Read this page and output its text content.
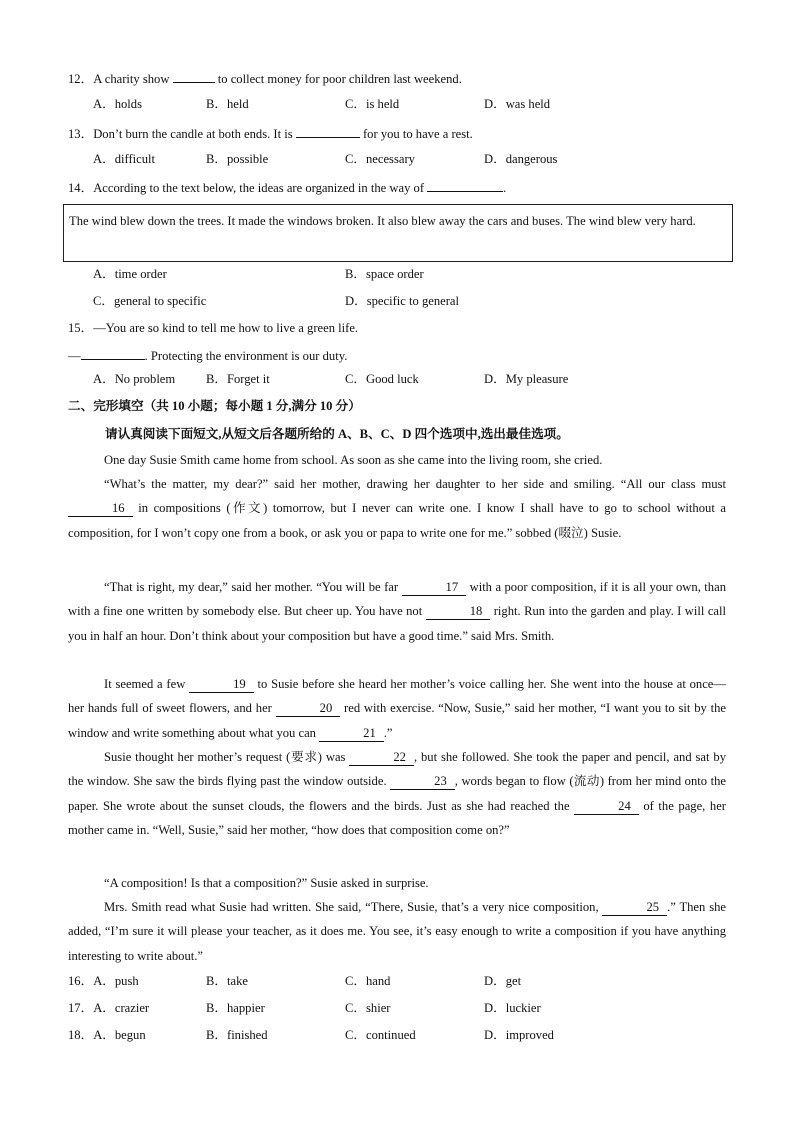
12．A charity show	to collect money for poor children last weekend.
A．holds	B．held	C．is held	D．was held
13．Don’t burn the candle at both ends. It is	for you to have a rest.
A．difficult	B．possible	C．necessary	D．dangerous
14．According to the text below, the ideas are organized in the way of	.
The wind blew down the trees. It made the windows broken. It also blew away the cars and buses. The wind blew very hard.
A．time order	B．space order
C．general to specific	D．specific to general
15．—You are so kind to tell me how to live a green life.
—	. Protecting the environment is our duty.
A．No problem B．Forget it	C．Good luck	D．My pleasure
二、完形填空（共 10 小题；每小题 1 分,满分 10 分）
请认真阅读下面短文,从短文后各题所给的 A、B、C、D 四个选项中,选出最佳选项。
One day Susie Smith came home from school. As soon as she came into the living room, she cried.
“What’s the matter, my dear?” said her mother, drawing her daughter to her side and smiling. “All our class must 16 in compositions (作文) tomorrow, but I never can write one. I know I shall have to go to school without a composition, for I won’t copy one from a book, or ask you or papa to write one for me.” sobbed (啜泣) Susie.
“That is right, my dear,” said her mother. “You will be far	17 with a poor composition, if it is all your own, than with a fine one written by somebody else. But cheer up. You have not	18 right. Run into the garden and play. I will call you in half an hour. Don’t think about your composition but have a good time.” said Mrs. Smith.
It seemed a few	19 to Susie before she heard her mother’s voice calling her. She went into the house at once—her hands full of sweet flowers, and her	20 red with exercise. “Now, Susie,” said her mother, “I want you to sit by the window and write something about what you can	21 .”
Susie thought her mother’s request (要求) was	22 , but she followed. She took the paper and pencil, and sat by the window. She saw the birds flying past the window outside.	23 , words began to flow (流动) from her mind onto the paper. She wrote about the sunset clouds, the flowers and the birds. Just as she had reached the	24 of the page, her mother came in. “Well, Susie,” said her mother, “how does that composition come on?”
“A composition! Is that a composition?” Susie asked in surprise.
Mrs. Smith read what Susie had written. She said, “There, Susie, that’s a very nice composition,	25 .” Then she added, “I’m sure it will please your teacher, as it does me. You see, it’s easy enough to write a composition if you have anything interesting to write about.”
16．A．push	B．take	C．hand	D．get
17．A．crazier	B．happier	C．shier	D．luckier
18．A．begun	B．finished	C．continued	D．improved
